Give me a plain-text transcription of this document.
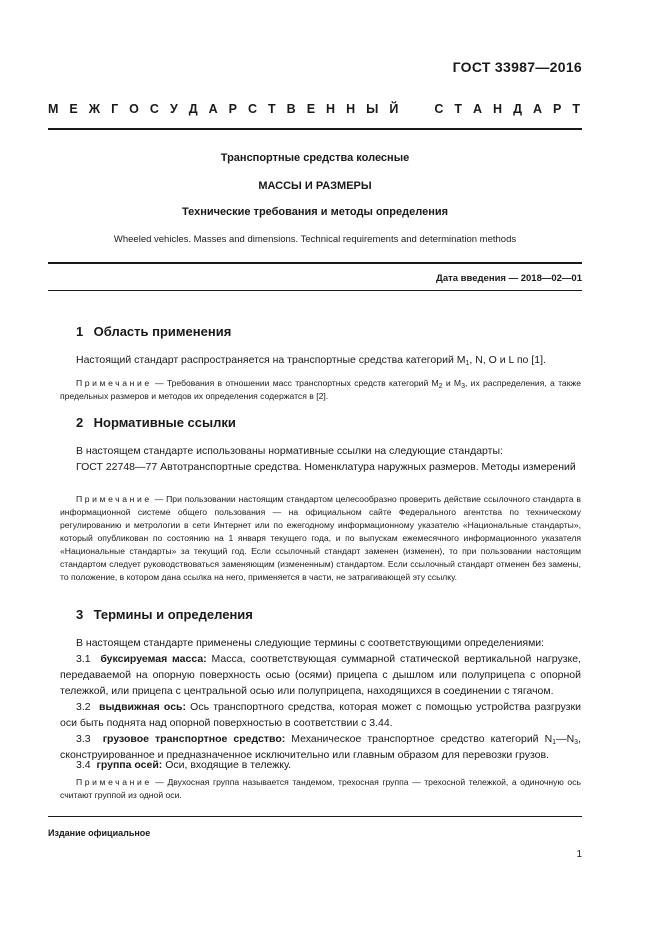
ГОСТ 33987—2016
М Е Ж Г О С У Д А Р С Т В Е Н Н Ы Й	С Т А Н Д А Р Т
Транспортные средства колесные
МАССЫ И РАЗМЕРЫ
Технические требования и методы определения
Wheeled vehicles. Masses and dimensions. Technical requirements and determination methods
Дата введения — 2018—02—01
1 Область применения
Настоящий стандарт распространяется на транспортные средства категорий $M_1$, N, O и L по [1].
Примечание — Требования в отношении масс транспортных средств категорий $M_2$ и $M_3$, их распределения, а также предельных размеров и методов их определения содержатся в [2].
2 Нормативные ссылки
В настоящем стандарте использованы нормативные ссылки на следующие стандарты:
ГОСТ 22748—77 Автотранспортные средства. Номенклатура наружных размеров. Методы измерений
Примечание — При пользовании настоящим стандартом целесообразно проверить действие ссылочного стандарта в информационной системе общего пользования — на официальном сайте Федерального агентства по техническому регулированию и метрологии в сети Интернет или по ежегодному информационному указателю «Национальные стандарты», который опубликован по состоянию на 1 января текущего года, и по выпускам ежемесячного информационного указателя «Национальные стандарты» за текущий год. Если ссылочный стандарт заменен (изменен), то при пользовании настоящим стандартом следует руководствоваться заменяющим (измененным) стандартом. Если ссылочный стандарт отменен без замены, то положение, в котором дана ссылка на него, применяется в части, не затрагивающей эту ссылку.
3 Термины и определения
В настоящем стандарте применены следующие термины с соответствующими определениями:
3.1 буксируемая масса: Масса, соответствующая суммарной статической вертикальной нагрузке, передаваемой на опорную поверхность осью (осями) прицепа с дышлом или полуприцепа с опорной тележкой, или прицепа с центральной осью или полуприцепа, находящихся в соединении с тягачом.
3.2 выдвижная ось: Ось транспортного средства, которая может с помощью устройства разгрузки оси быть поднята над опорной поверхностью в соответствии с 3.44.
3.3 грузовое транспортное средство: Механическое транспортное средство категорий $N_1—N_3$, сконструированное и предназначенное исключительно или главным образом для перевозки грузов.
3.4 группа осей: Оси, входящие в тележку.
Примечание — Двухосная группа называется тандемом, трехосная группа — трехосной тележкой, а одиночную ось считают группой из одной оси.
Издание официальное
1
